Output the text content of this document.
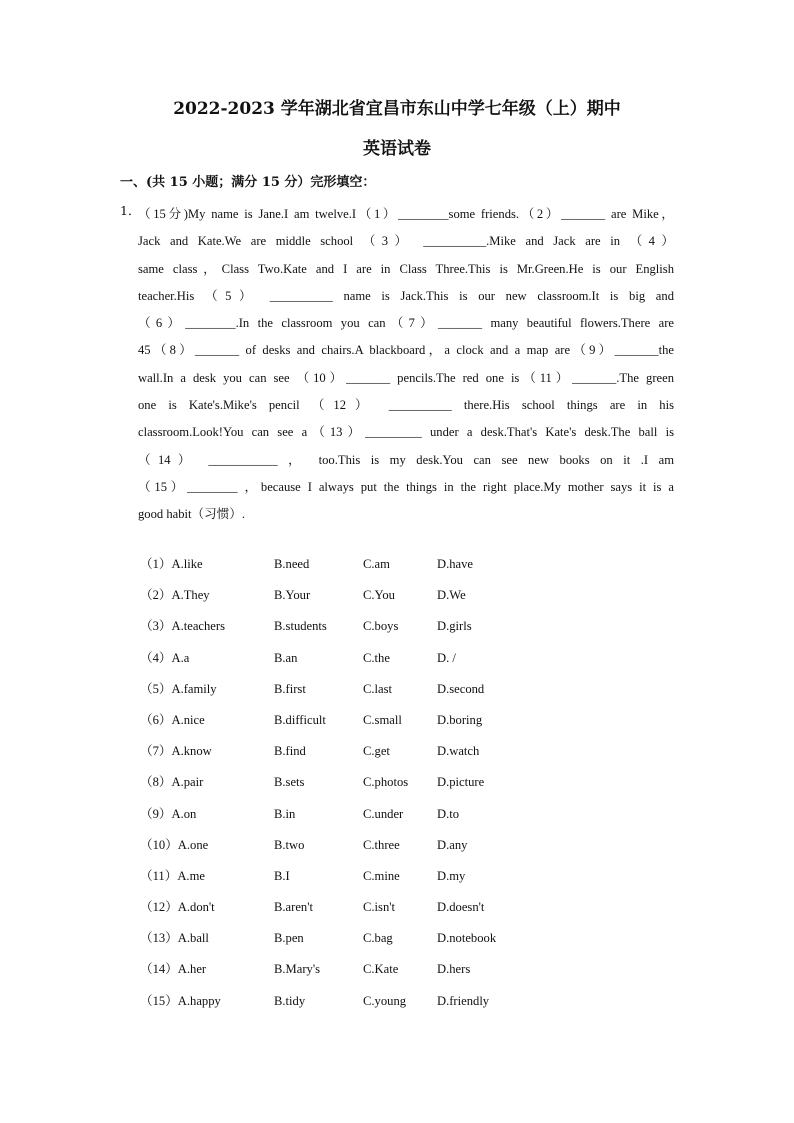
2022-2023 学年湖北省宜昌市东山中学七年级（上）期中
英语试卷
一、(共 15 小题；满分 15 分）完形填空：
1．
（15分)My name is Jane.I am twelve.I（1）________some friends.（2）_______ are Mike，
Jack and Kate.We are middle school （3） __________.Mike and Jack are in （4）
same class，Class Two.Kate and I are in Class Three.This is Mr.Green.He is our English
teacher.His （5） __________ name is Jack.This is our new classroom.It is big and
（6）________.In the classroom you can（7）_______ many beautiful flowers.There are
45（8）_______ of desks and chairs.A blackboard，a clock and a map are（9）_______the
wall.In a desk you can see （10）_______ pencils.The red one is（11）_______.The green
one is Kate's.Mike's pencil （12） __________ there.His school things are in his
classroom.Look!You can see a（13）_________ under a desk.That's Kate's desk.The ball is
（14） ___________ ， too.This is my desk.You can see new books on it .I am
（15）________ ，because I always put the things in the right place.My mother says it is a
good habit（习惯）.
（1）A.like	B.need	C.am	D.have
（2）A.They	B.Your	C.You	D.We
（3）A.teachers	B.students	C.boys	D.girls
（4）A.a	B.an	C.the	D. /
（5）A.family	B.first	C.last	D.second
（6）A.nice	B.difficult	C.small	D.boring
（7）A.know	B.find	C.get	D.watch
（8）A.pair	B.sets	C.photos D.picture
（9）A.on	B.in	C.under	D.to
（10）A.one	B.two	C.three	D.any
（11）A.me	B.I	C.mine	D.my
（12）A.don't	B.aren't	C.isn't	D.doesn't
（13）A.ball	B.pen	C.bag	D.notebook
（14）A.her	B.Mary's	C.Kate	D.hers
（15）A.happy	B.tidy	C.young D.friendly
